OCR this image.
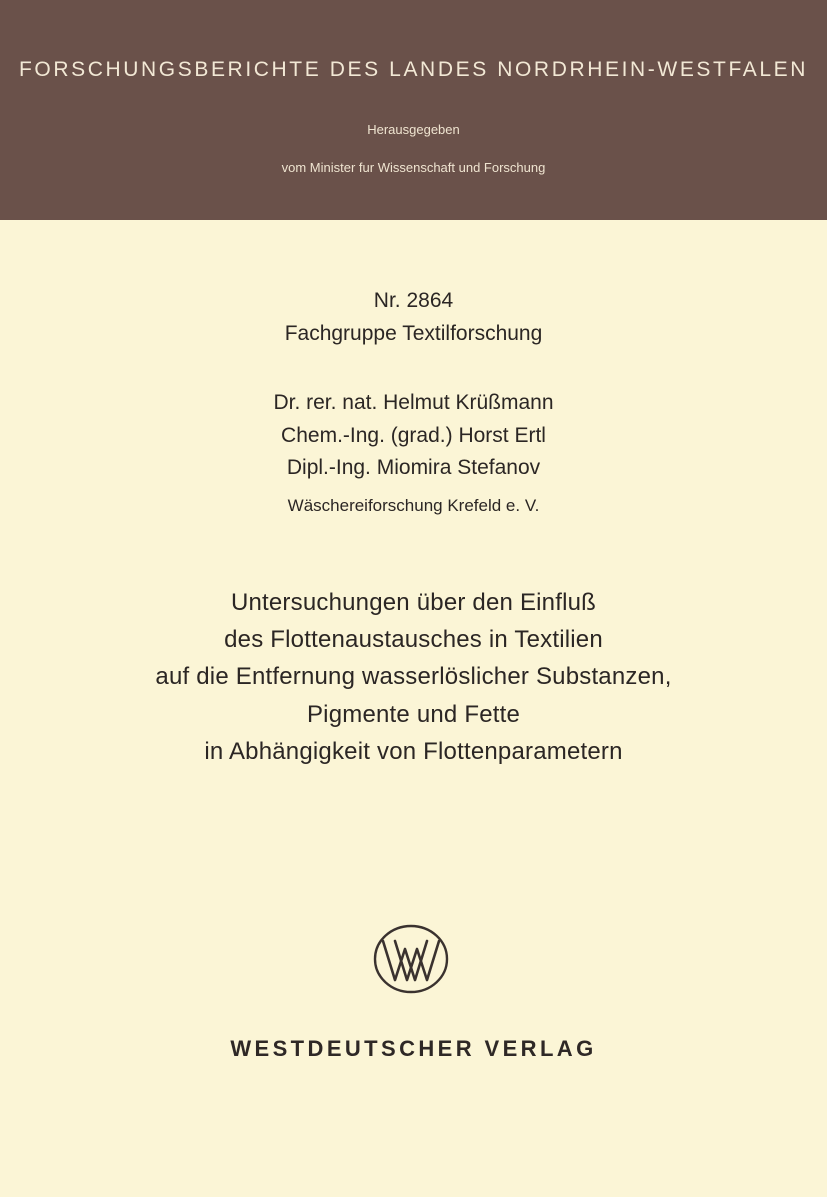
FORSCHUNGSBERICHTE DES LANDES NORDRHEIN-WESTFALEN
Herausgegeben
vom Minister fur Wissenschaft und Forschung
Nr. 2864
Fachgruppe Textilforschung
Dr. rer. nat. Helmut Krüßmann
Chem.-Ing. (grad.) Horst Ertl
Dipl.-Ing. Miomira Stefanov
Wäschereiforschung Krefeld e. V.
Untersuchungen über den Einfluß
des Flottenaustausches in Textilien
auf die Entfernung wasserlöslicher Substanzen,
Pigmente und Fette
in Abhängigkeit von Flottenparametern
WESTDEUTSCHER VERLAG
